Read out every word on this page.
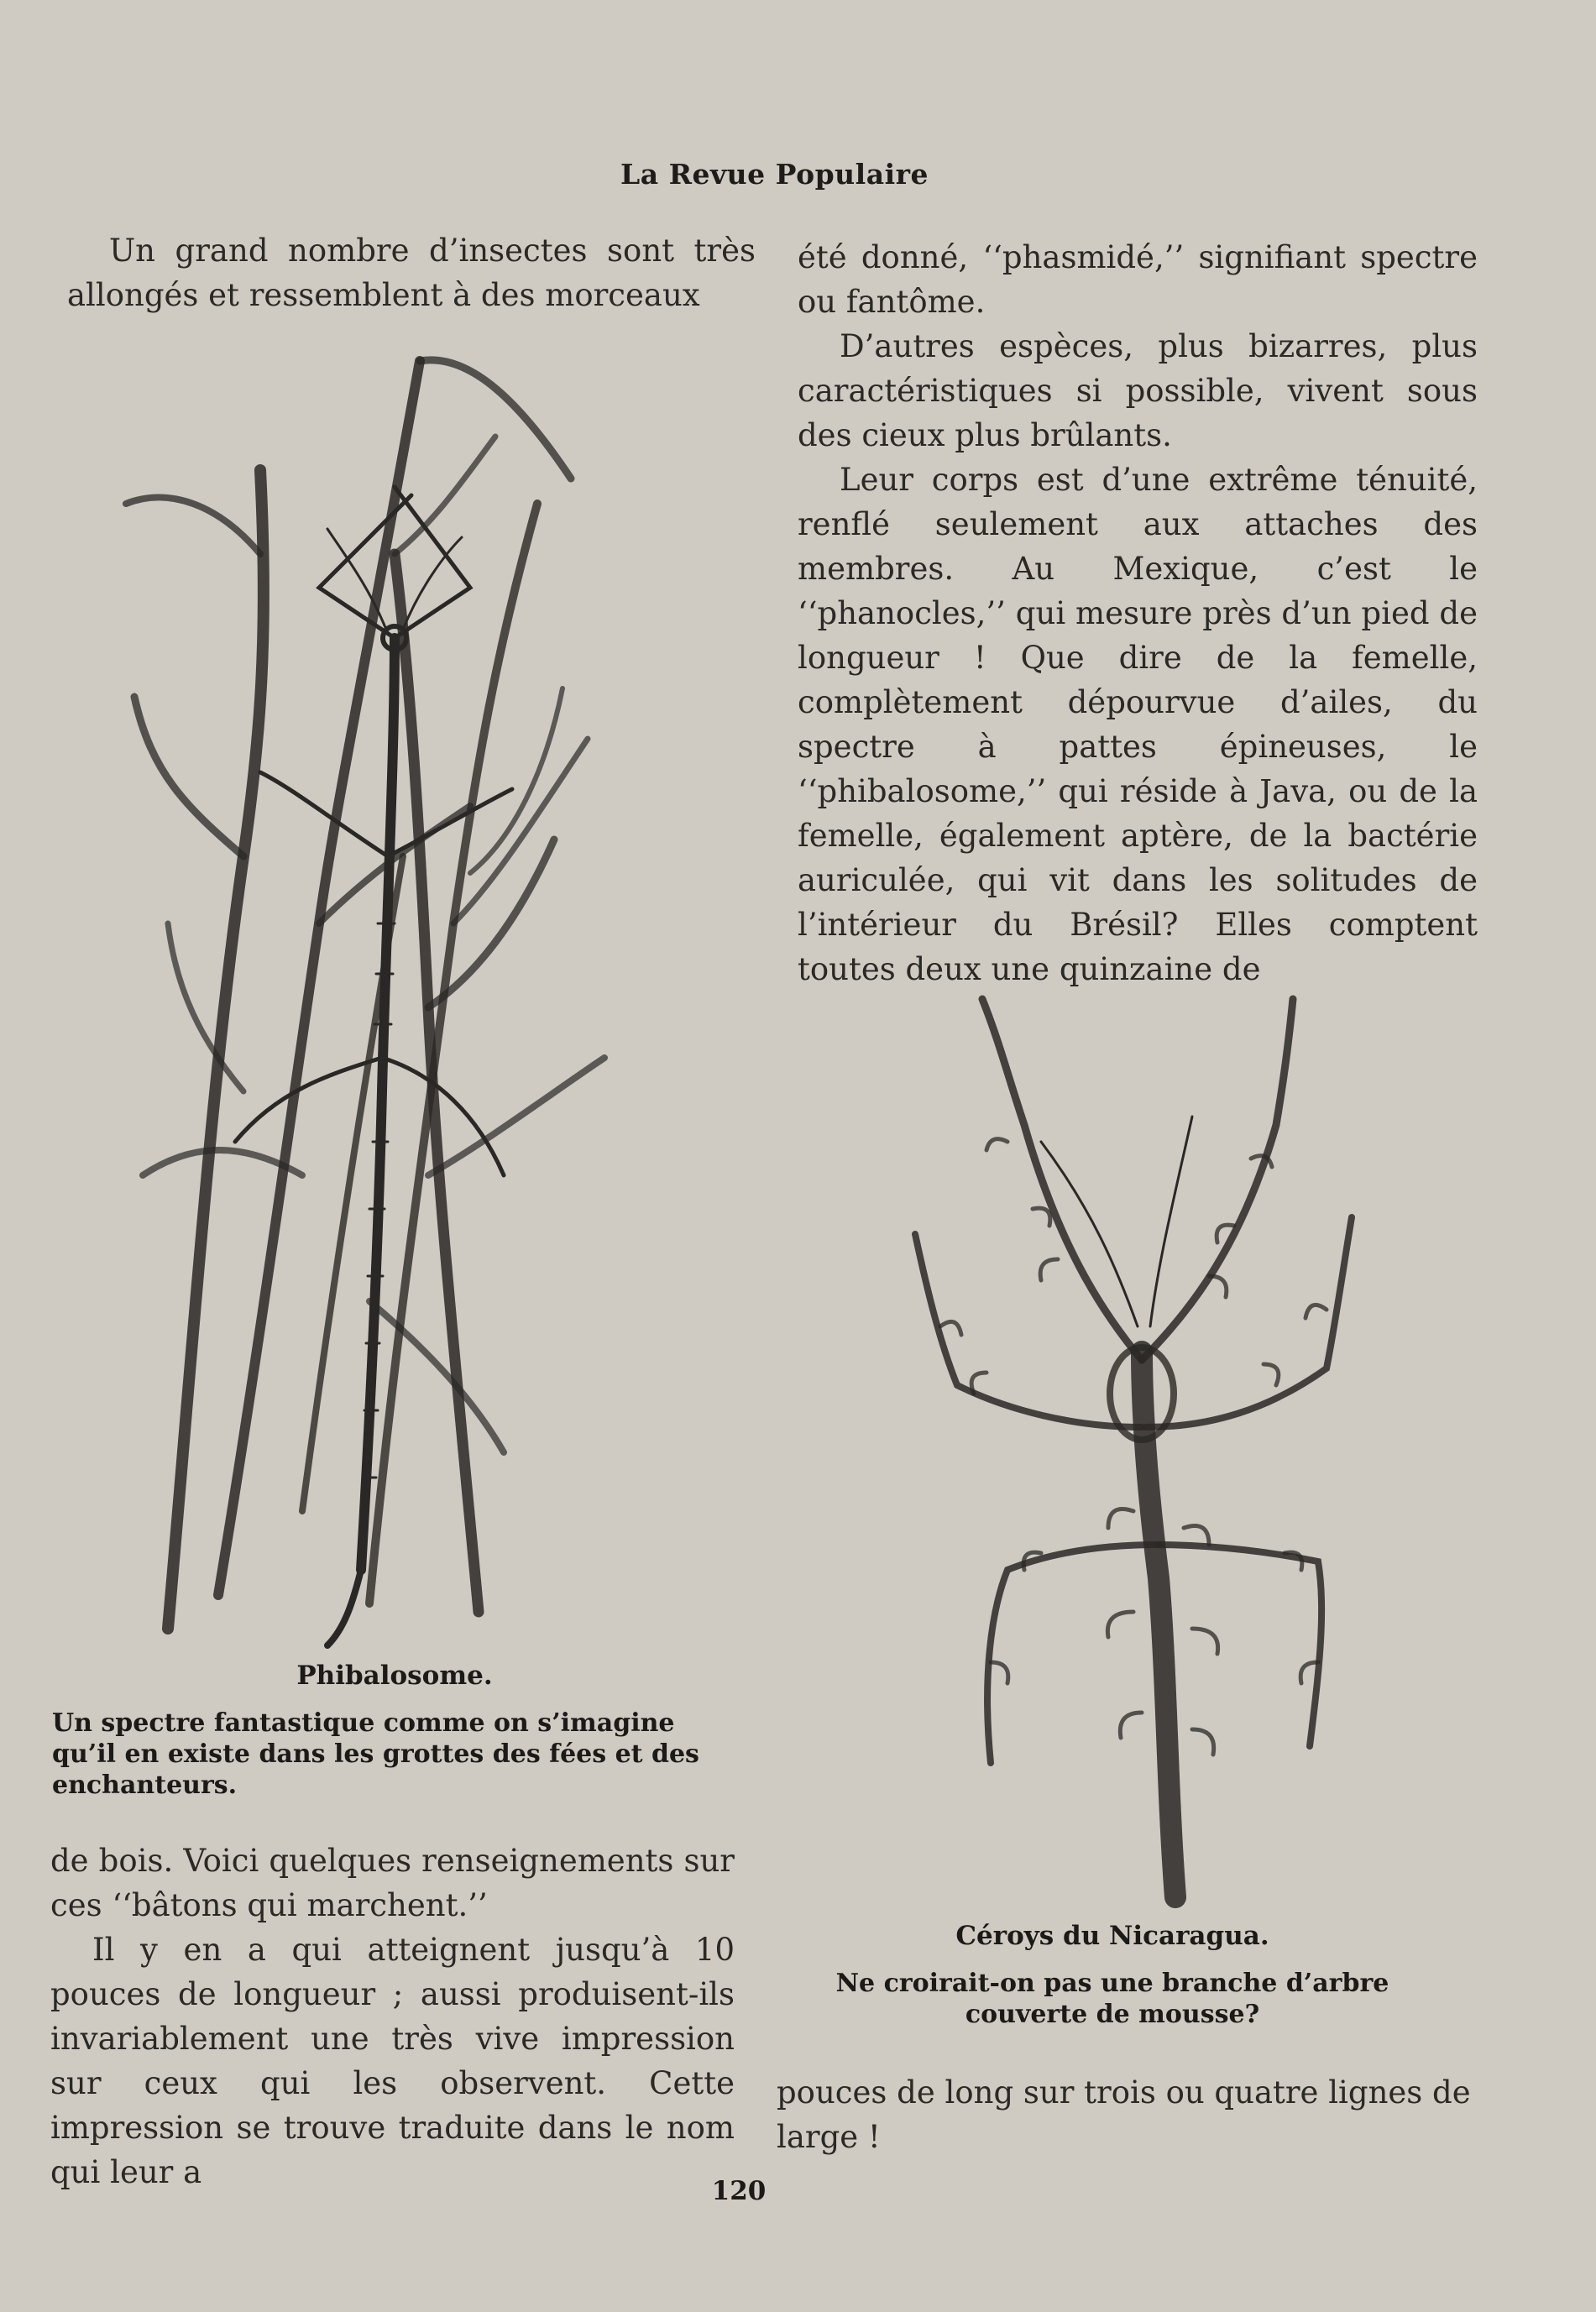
La Revue Populaire

Un grand nombre d’insectes sont très allongés et ressemblent à des morceaux

Phibalosome.
Un spectre fantastique comme on s’imagine qu’il en existe dans les grottes des fées et des enchanteurs.

de bois. Voici quelques renseignements sur ces ‘‘bâtons qui marchent.’’

Il y en a qui atteignent jusqu’à 10 pouces de longueur ; aussi produisent-ils invariablement une très vive impression sur ceux qui les observent. Cette impression se trouve traduite dans le nom qui leur a

été donné, ‘‘phasmidé,’’ signifiant spectre ou fantôme.

D’autres espèces, plus bizarres, plus caractéristiques si possible, vivent sous des cieux plus brûlants.

Leur corps est d’une extrême ténuité, renflé seulement aux attaches des membres. Au Mexique, c’est le ‘‘phanocles,’’ qui mesure près d’un pied de longueur ! Que dire de la femelle, complètement dépourvue d’ailes, du spectre à pattes épineuses, le ‘‘phibalosome,’’ qui réside à Java, ou de la femelle, également aptère, de la bactérie auriculée, qui vit dans les solitudes de l’intérieur du Brésil? Elles comptent toutes deux une quinzaine de

Céroys du Nicaragua.
Ne croirait-on pas une branche d’arbre couverte de mousse?

pouces de long sur trois ou quatre lignes de large !

120
